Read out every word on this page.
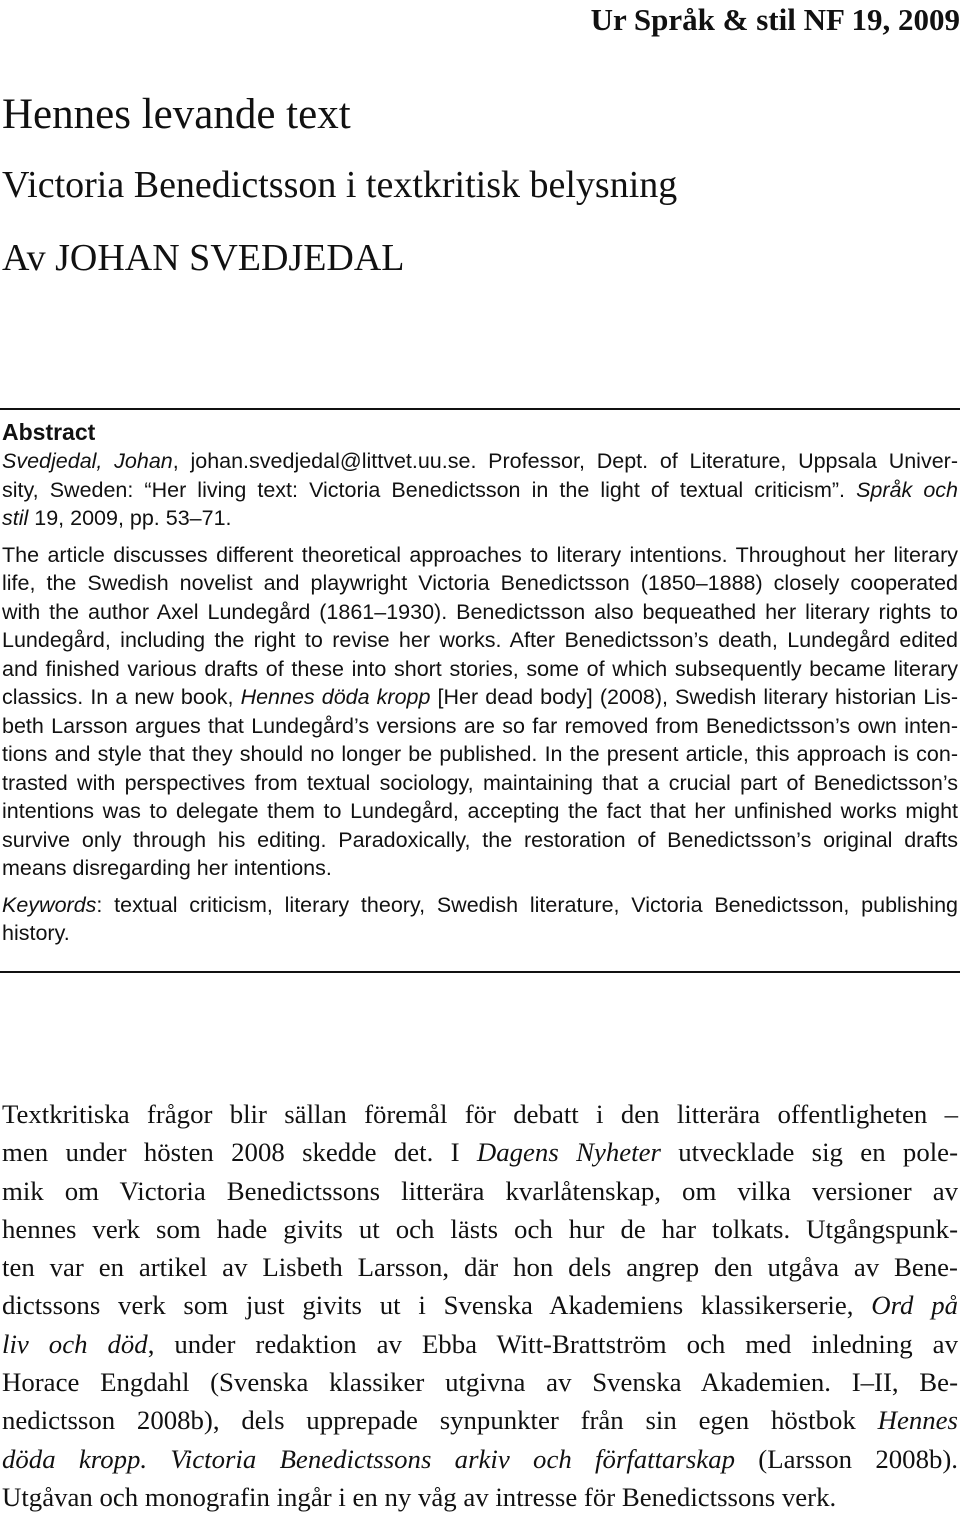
Ur Språk & stil NF 19, 2009
Hennes levande text
Victoria Benedictsson i textkritisk belysning
Av JOHAN SVEDJEDAL
Abstract
Svedjedal, Johan, johan.svedjedal@littvet.uu.se. Professor, Dept. of Literature, Uppsala Univer-
sity, Sweden: “Her living text: Victoria Benedictsson in the light of textual criticism”. Språk och
stil 19, 2009, pp. 53–71.
The article discusses different theoretical approaches to literary intentions. Throughout her literary
life, the Swedish novelist and playwright Victoria Benedictsson (1850–1888) closely cooperated
with the author Axel Lundegård (1861–1930). Benedictsson also bequeathed her literary rights to
Lundegård, including the right to revise her works. After Benedictsson’s death, Lundegård edited
and finished various drafts of these into short stories, some of which subsequently became literary
classics. In a new book, Hennes döda kropp [Her dead body] (2008), Swedish literary historian Lis-
beth Larsson argues that Lundegård’s versions are so far removed from Benedictsson’s own inten-
tions and style that they should no longer be published. In the present article, this approach is con-
trasted with perspectives from textual sociology, maintaining that a crucial part of Benedictsson’s
intentions was to delegate them to Lundegård, accepting the fact that her unfinished works might
survive only through his editing. Paradoxically, the restoration of Benedictsson’s original drafts
means disregarding her intentions.
Keywords: textual criticism, literary theory, Swedish literature, Victoria Benedictsson, publishing
history.
Textkritiska frågor blir sällan föremål för debatt i den litterära offentligheten –
men under hösten 2008 skedde det. I Dagens Nyheter utvecklade sig en pole-
mik om Victoria Benedictssons litterära kvarlåtenskap, om vilka versioner av
hennes verk som hade givits ut och lästs och hur de har tolkats. Utgångspunk-
ten var en artikel av Lisbeth Larsson, där hon dels angrep den utgåva av Bene-
dictssons verk som just givits ut i Svenska Akademiens klassikerserie, Ord på
liv och död, under redaktion av Ebba Witt-Brattström och med inledning av
Horace Engdahl (Svenska klassiker utgivna av Svenska Akademien. I–II, Be-
nedictsson 2008b), dels upprepade synpunkter från sin egen höstbok Hennes
döda kropp. Victoria Benedictssons arkiv och författarskap (Larsson 2008b).
Utgåvan och monografin ingår i en ny våg av intresse för Benedictssons verk.
